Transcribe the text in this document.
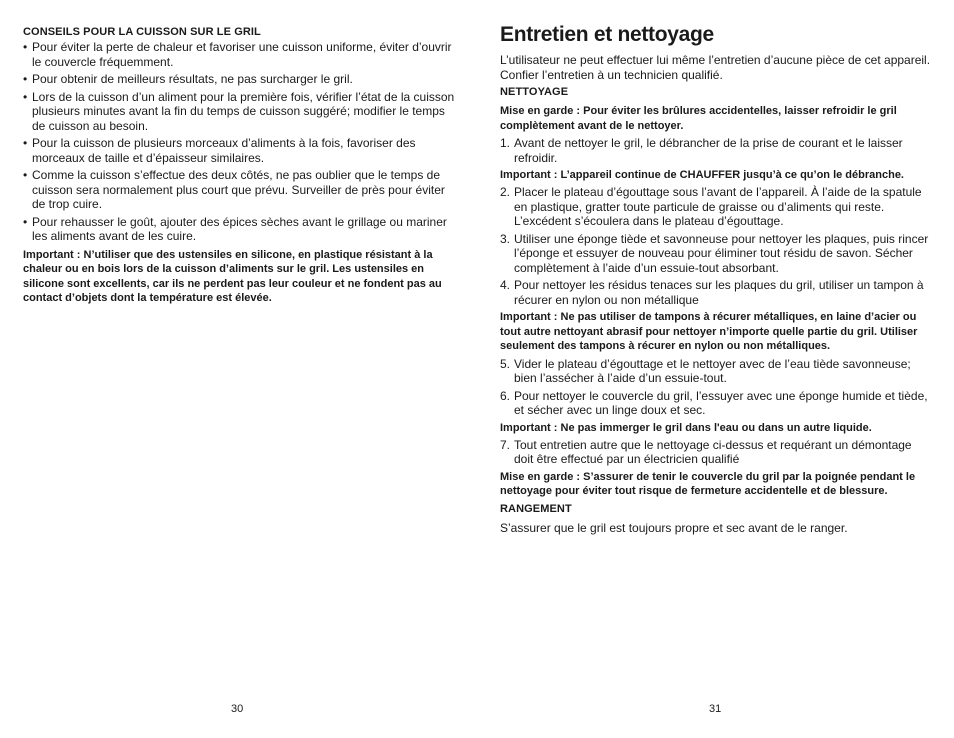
CONSEILS POUR LA CUISSON SUR LE GRIL

• Pour éviter la perte de chaleur et favoriser une cuisson uniforme, éviter d’ouvrir le couvercle fréquemment.
• Pour obtenir de meilleurs résultats, ne pas surcharger le gril.
• Lors de la cuisson d’un aliment pour la première fois, vérifier l’état de la cuisson plusieurs minutes avant la fin du temps de cuisson suggéré; modifier le temps de cuisson au besoin.
• Pour la cuisson de plusieurs morceaux d’aliments à la fois, favoriser des morceaux de taille et d’épaisseur similaires.
• Comme la cuisson s’effectue des deux côtés, ne pas oublier que le temps de cuisson sera normalement plus court que prévu. Surveiller de près pour éviter de trop cuire.
• Pour rehausser le goût, ajouter des épices sèches avant le grillage ou mariner les aliments avant de les cuire.

Important : N’utiliser que des ustensiles en silicone, en plastique résistant à la chaleur ou en bois lors de la cuisson d’aliments sur le gril. Les ustensiles en silicone sont excellents, car ils ne perdent pas leur couleur et ne fondent pas au contact d’objets dont la température est élevée.

30

Entretien et nettoyage

L’utilisateur ne peut effectuer lui même l’entretien d’aucune pièce de cet appareil. Confier l’entretien à un technicien qualifié.

NETTOYAGE

Mise en garde : Pour éviter les brûlures accidentelles, laisser refroidir le gril complètement avant de le nettoyer.

1. Avant de nettoyer le gril, le débrancher de la prise de courant et le laisser refroidir.

Important : L’appareil continue de CHAUFFER jusqu’à ce qu’on le débranche.

2. Placer le plateau d’égouttage sous l’avant de l’appareil. À l’aide de la spatule en plastique, gratter toute particule de graisse ou d’aliments qui reste. L’excédent s’écoulera dans le plateau d’égouttage.
3. Utiliser une éponge tiède et savonneuse pour nettoyer les plaques, puis rincer l’éponge et essuyer de nouveau pour éliminer tout résidu de savon. Sécher complètement à l’aide d’un essuie-tout absorbant.
4. Pour nettoyer les résidus tenaces sur les plaques du gril, utiliser un tampon à récurer en nylon ou non métallique

Important : Ne pas utiliser de tampons à récurer métalliques, en laine d’acier ou tout autre nettoyant abrasif pour nettoyer n’importe quelle partie du gril. Utiliser seulement des tampons à récurer en nylon ou non métalliques.

5. Vider le plateau d’égouttage et le nettoyer avec de l’eau tiède savonneuse; bien l’assécher à l’aide d’un essuie-tout.
6. Pour nettoyer le couvercle du gril, l’essuyer avec une éponge humide et tiède, et sécher avec un linge doux et sec.

Important : Ne pas immerger le gril dans l'eau ou dans un autre liquide.

7. Tout entretien autre que le nettoyage ci-dessus et requérant un démontage doit être effectué par un électricien qualifié

Mise en garde : S’assurer de tenir le couvercle du gril par la poignée pendant le nettoyage pour éviter tout risque de fermeture accidentelle et de blessure.

RANGEMENT

S’assurer que le gril est toujours propre et sec avant de le ranger.

31
